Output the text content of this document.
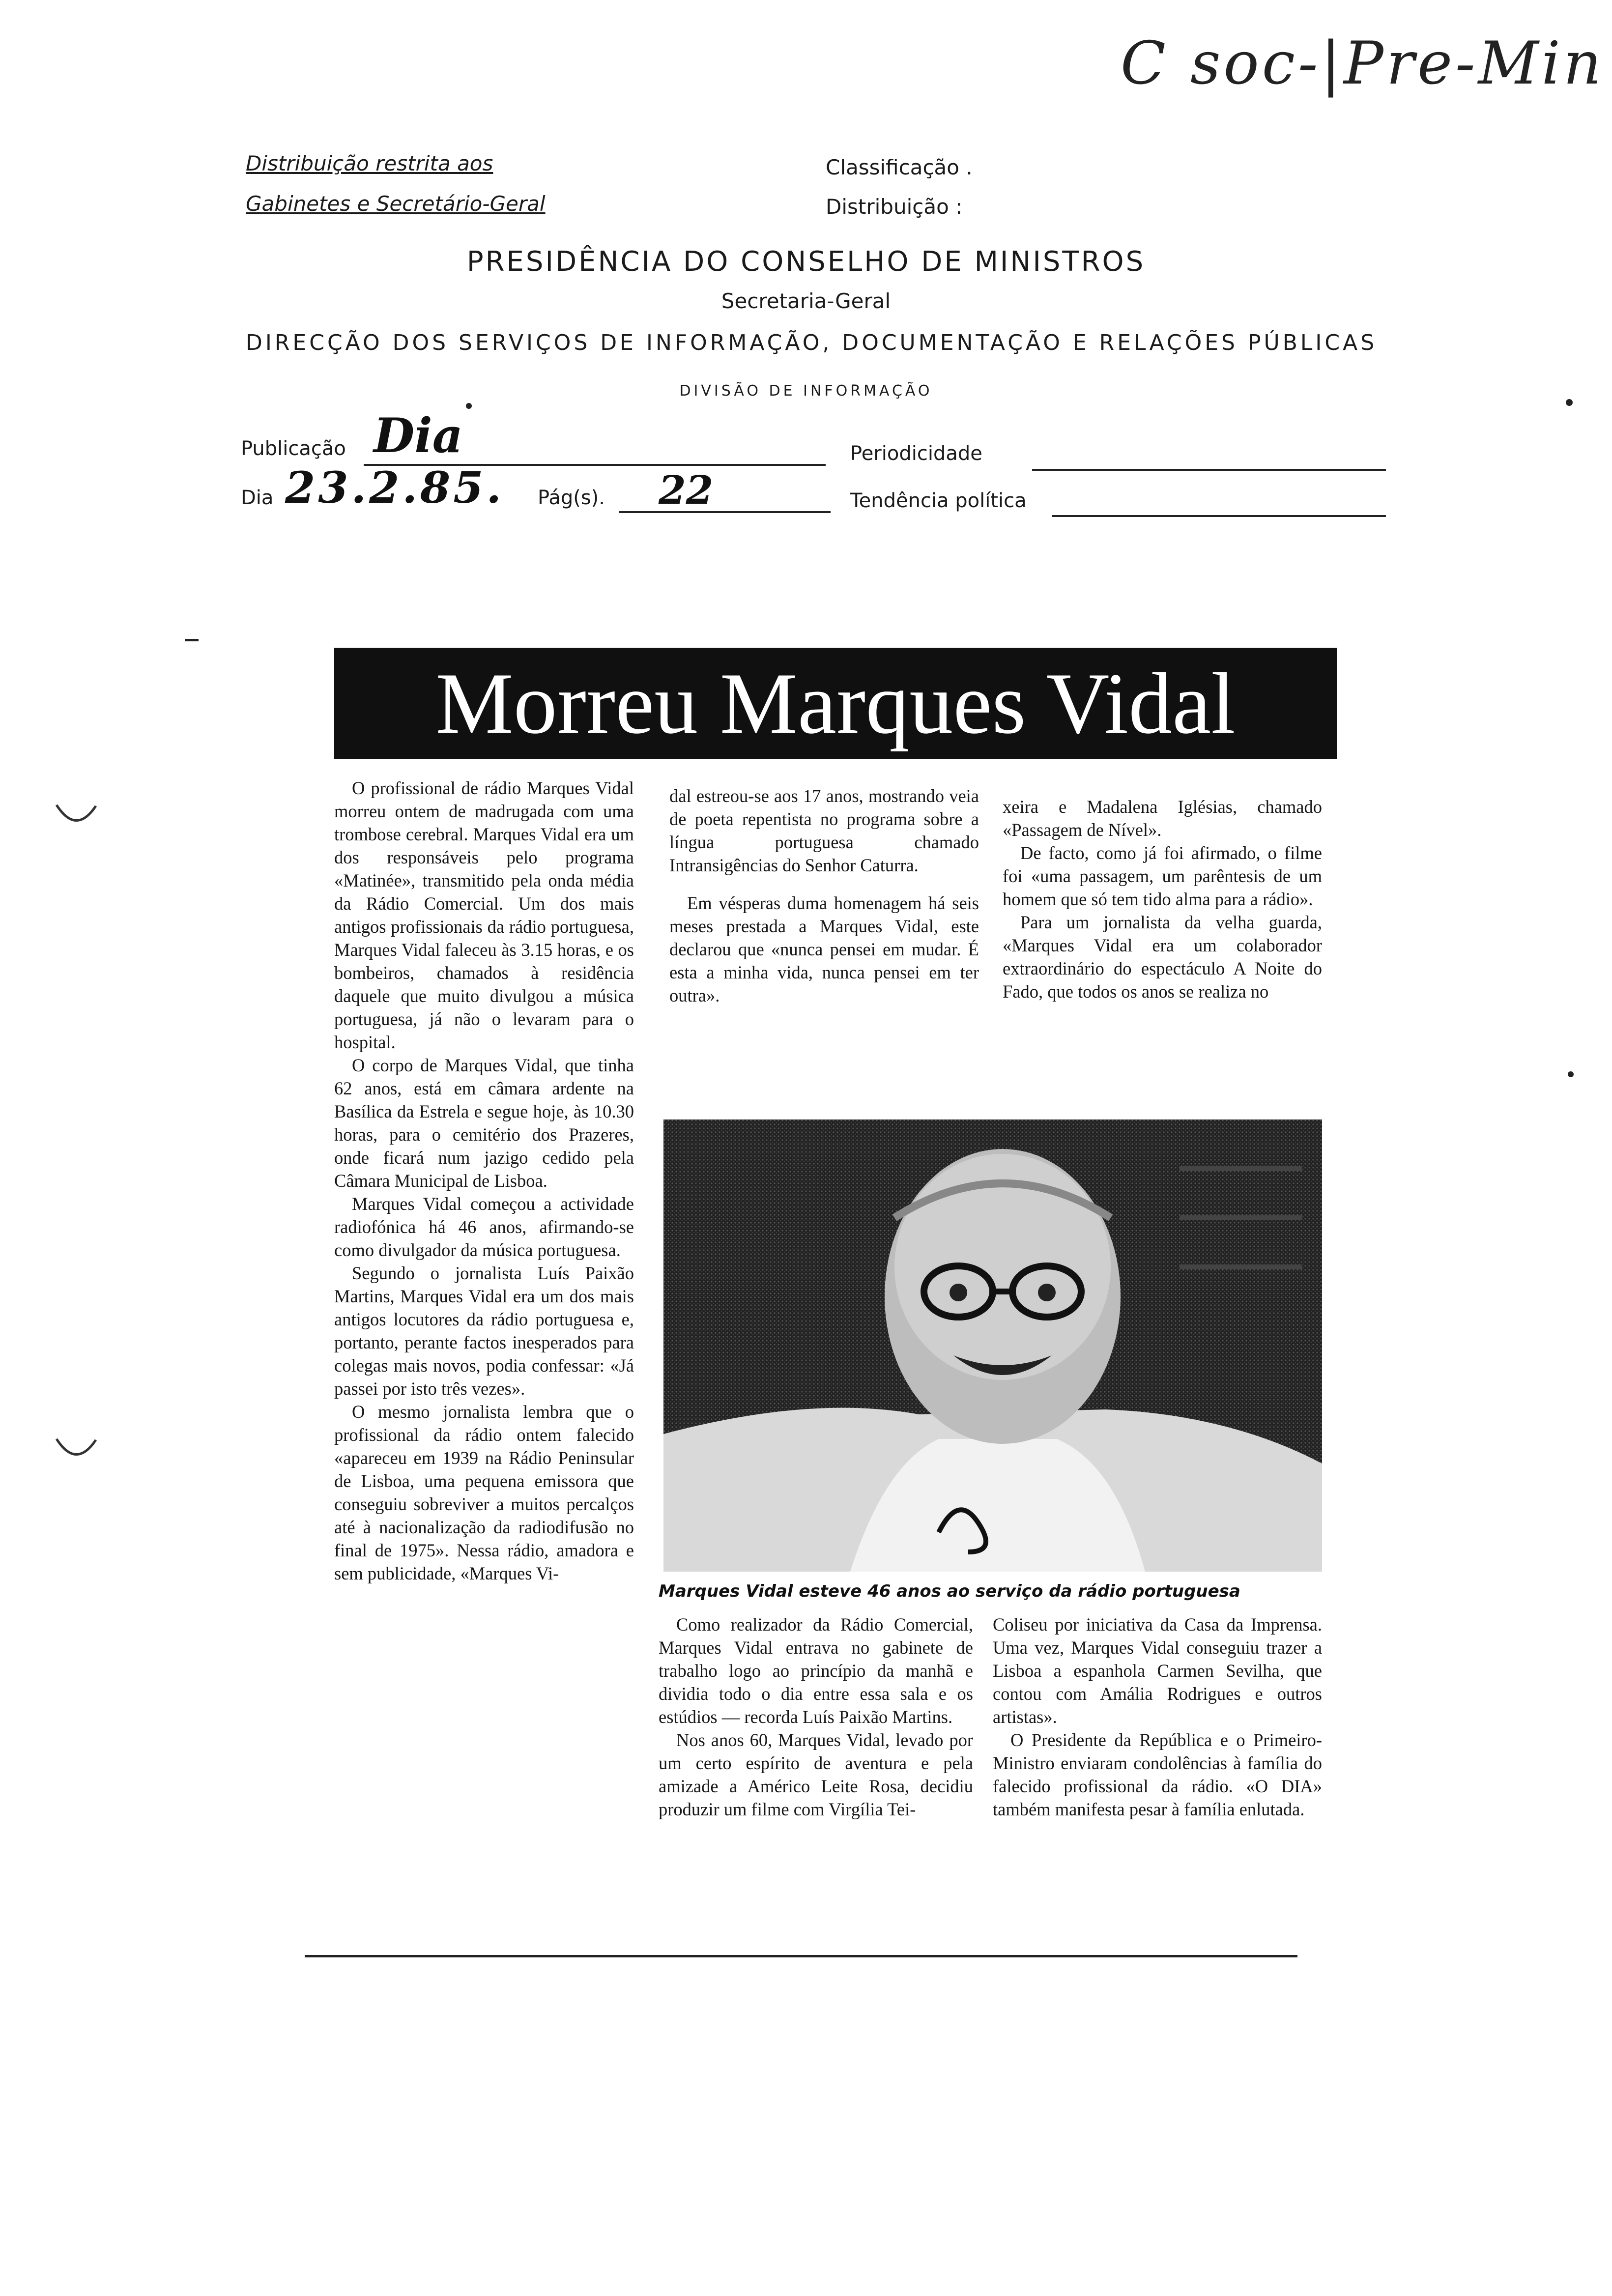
C soc-|Pre-Min
Distribuição restrita aos
Gabinetes e Secretário-Geral
Classificação .
Distribuição :
PRESIDÊNCIA DO CONSELHO DE MINISTROS
Secretaria-Geral
DIRECÇÃO DOS SERVIÇOS DE INFORMAÇÃO, DOCUMENTAÇÃO E RELAÇÕES PÚBLICAS
DIVISÃO DE INFORMAÇÃO
Publicação Dia	Periodicidade
Dia 23.2.85. Pág(s). 22	Tendência política
Morreu Marques Vidal

O profissional de rádio Marques Vidal morreu ontem de madrugada com uma trombose cerebral. Marques Vidal era um dos responsáveis pelo programa «Matinée», transmitido pela onda média da Rádio Comercial. Um dos mais antigos profissionais da rádio portuguesa, Marques Vidal faleceu às 3.15 horas, e os bombeiros, chamados à residência daquele que muito divulgou a música portuguesa, já não o levaram para o hospital.

O corpo de Marques Vidal, que tinha 62 anos, está em câmara ardente na Basílica da Estrela e segue hoje, às 10.30 horas, para o cemitério dos Prazeres, onde ficará num jazigo cedido pela Câmara Municipal de Lisboa.

Marques Vidal começou a actividade radiofónica há 46 anos, afirmando-se como divulgador da música portuguesa.

Segundo o jornalista Luís Paixão Martins, Marques Vidal era um dos mais antigos locutores da rádio portuguesa e, portanto, perante factos inesperados para colegas mais novos, podia confessar: «Já passei por isto três vezes».

O mesmo jornalista lembra que o profissional da rádio ontem falecido «apareceu em 1939 na Rádio Peninsular de Lisboa, uma pequena emissora que conseguiu sobreviver a muitos percalços até à nacionalização da radiodifusão no final de 1975». Nessa rádio, amadora e sem publicidade, «Marques Vi-

dal estreou-se aos 17 anos, mostrando veia de poeta repentista no programa sobre a língua portuguesa chamado Intransigências do Senhor Caturra.

Em vésperas duma homenagem há seis meses prestada a Marques Vidal, este declarou que «nunca pensei em mudar. É esta a minha vida, nunca pensei em ter outra».

xeira e Madalena Iglésias, chamado «Passagem de Nível».

De facto, como já foi afirmado, o filme foi «uma passagem, um parêntesis de um homem que só tem tido alma para a rádio».

Para um jornalista da velha guarda, «Marques Vidal era um colaborador extraordinário do espectáculo A Noite do Fado, que todos os anos se realiza no

Marques Vidal esteve 46 anos ao serviço da rádio portuguesa

Como realizador da Rádio Comercial, Marques Vidal entrava no gabinete de trabalho logo ao princípio da manhã e dividia todo o dia entre essa sala e os estúdios — recorda Luís Paixão Martins.

Nos anos 60, Marques Vidal, levado por um certo espírito de aventura e pela amizade a Américo Leite Rosa, decidiu produzir um filme com Virgília Tei-

Coliseu por iniciativa da Casa da Imprensa. Uma vez, Marques Vidal conseguiu trazer a Lisboa a espanhola Carmen Sevilha, que contou com Amália Rodrigues e outros artistas».

O Presidente da República e o Primeiro-Ministro enviaram condolências à família do falecido profissional da rádio. «O DIA» também manifesta pesar à família enlutada.
